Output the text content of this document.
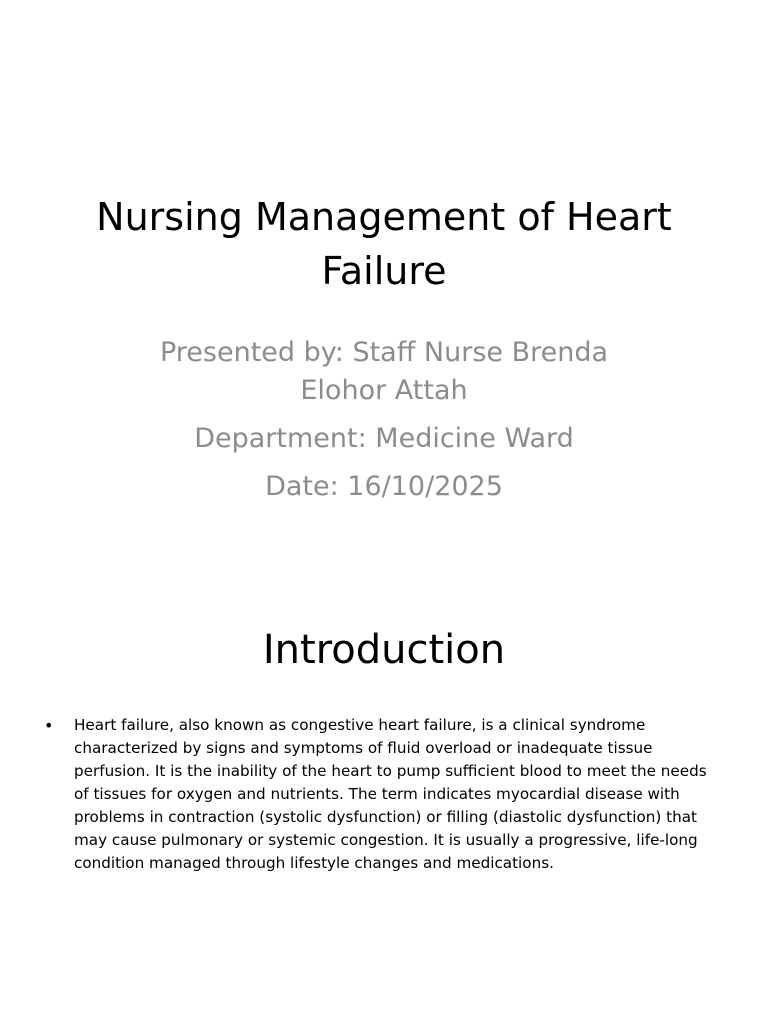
Nursing Management of Heart Failure
Presented by: Staff Nurse Brenda Elohor Attah
Department: Medicine Ward
Date: 16/10/2025
Introduction
•	Heart failure, also known as congestive heart failure, is a clinical syndrome characterized by signs and symptoms of fluid overload or inadequate tissue perfusion. It is the inability of the heart to pump sufficient blood to meet the needs of tissues for oxygen and nutrients. The term indicates myocardial disease with problems in contraction (systolic dysfunction) or filling (diastolic dysfunction) that may cause pulmonary or systemic congestion. It is usually a progressive, life-long condition managed through lifestyle changes and medications.
